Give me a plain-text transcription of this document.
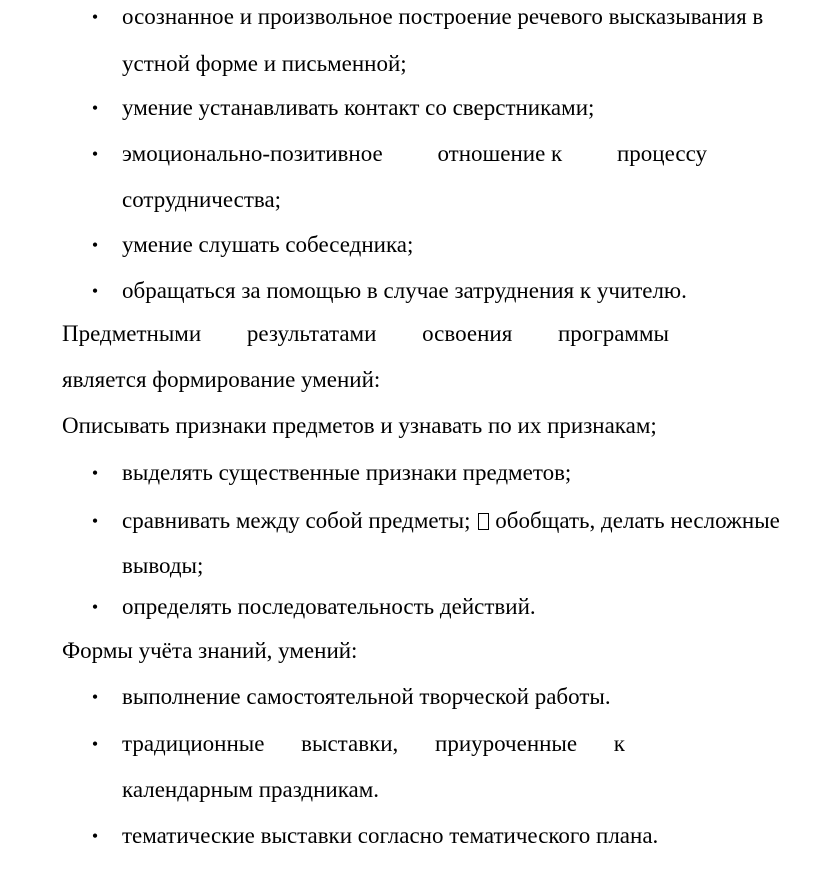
• осознанное и произвольное построение речевого высказывания в
устной форме и письменной;
• умение устанавливать контакт со сверстниками;
• эмоционально-позитивное отношение к процессу
сотрудничества;
• умение слушать собеседника;
• обращаться за помощью в случае затруднения к учителю.
Предметными результатами освоения программы
является формирование умений:
Описывать признаки предметов и узнавать по их признакам;
• выделять существенные признаки предметов;
• сравнивать между собой предметы; обобщать, делать несложные
выводы;
• определять последовательность действий.
Формы учёта знаний, умений:
• выполнение самостоятельной творческой работы.
• традиционные выставки, приуроченные к
календарным праздникам.
• тематические выставки согласно тематического плана.
